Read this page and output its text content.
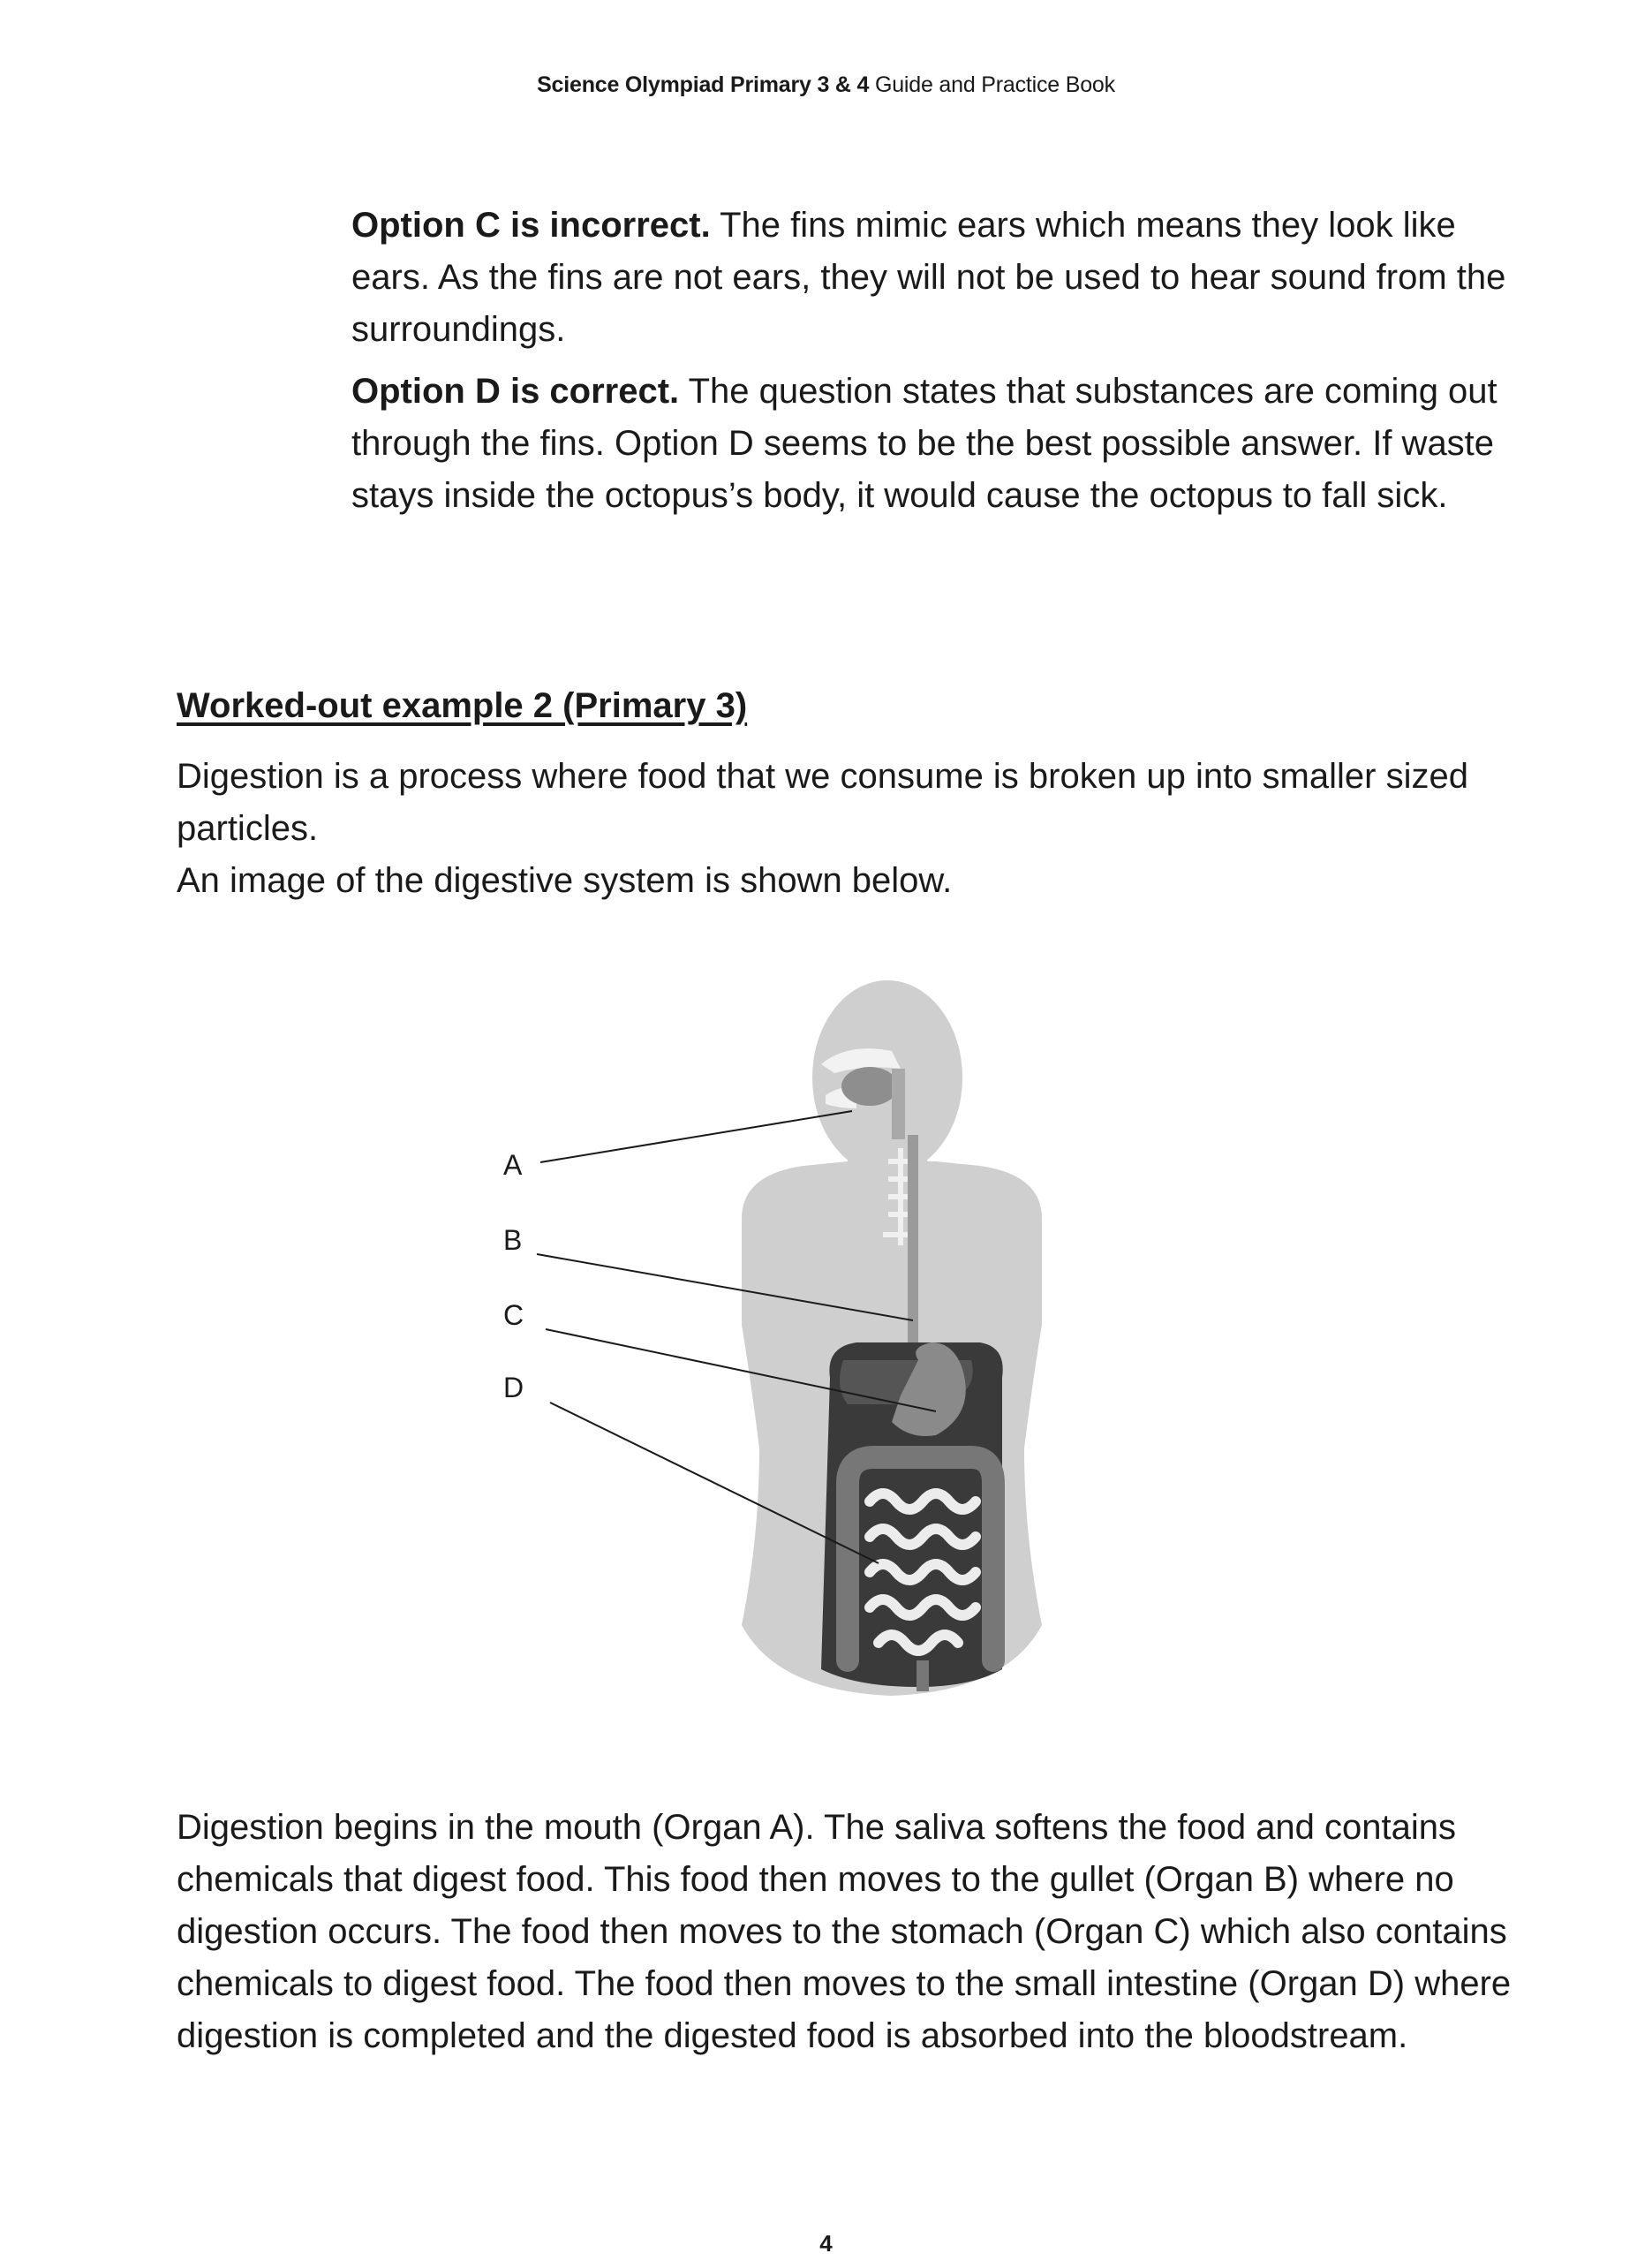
Science Olympiad Primary 3 & 4 Guide and Practice Book

Option C is incorrect. The fins mimic ears which means they look like ears. As the fins are not ears, they will not be used to hear sound from the surroundings.

Option D is correct. The question states that substances are coming out through the fins. Option D seems to be the best possible answer. If waste stays inside the octopus’s body, it would cause the octopus to fall sick.

Worked-out example 2 (Primary 3)

Digestion is a process where food that we consume is broken up into smaller sized particles.

An image of the digestive system is shown below.

A
B
C
D

Digestion begins in the mouth (Organ A). The saliva softens the food and contains chemicals that digest food. This food then moves to the gullet (Organ B) where no digestion occurs. The food then moves to the stomach (Organ C) which also contains chemicals to digest food. The food then moves to the small intestine (Organ D) where digestion is completed and the digested food is absorbed into the bloodstream.

4
